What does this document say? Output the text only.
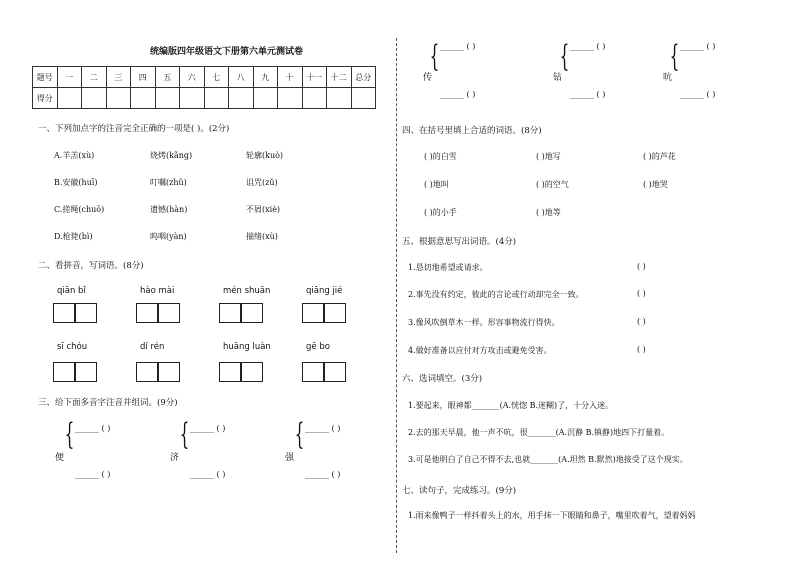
统编版四年级语文下册第六单元测试卷
题号	一	二	三	四	五	六	七	八	九	十	十一	十二	总分
得分													
一、下列加点字的注音完全正确的一项是( )。(2分)
A.羊羔(xù)	烧烤(kǎng)	轮廓(kuò)
B.安徽(huī)	叮嘱(zhǔ)	诅咒(zǔ)
C.搓绳(chuō)	遗憾(hàn)	不屑(xiè)
D.枪毙(bì)	呜咽(yàn)	揣绪(xù)
二、看拼音，写词语。(8分)
qiān bǐ	hào mài	mén shuān	qiāng jié
sī chóu	dí rén	huāng luàn	gē bo
三、给下面多音字注音并组词。(9分)
便
{ ______ ( )
______ ( )
济
{ ______ ( )
______ ( )
强
{ ______ ( )
______ ( )
传
{ ______ ( )
______ ( )
钻
{ ______ ( )
______ ( )
吭
{ ______ ( )
______ ( )
四、在括号里填上合适的词语。(8分)
( )的白雪	( )地写	( )的芦花
( )地叫	( )的空气	( )地哭
( )的小手	( )地等
五、根据意思写出词语。(4分)
1.恳切地希望或请求。	( )
2.事先没有约定，彼此的言论或行动却完全一致。	( )
3.像风吹倒草木一样。形容事物流行得快。	( )
4.做好准备以应付对方攻击或避免受害。	( )
六、选词填空。(3分)
1.要起来，眼神都_______(A.恍惚 B.迷糊)了，十分入迷。
2.去的那天早晨，他一声不吭，很_______(A.沉静 B.镇静)地四下打量着。
3.可是他明白了自己不得不去,也就_______(A.坦然 B.默然)地接受了这个现实。
七、读句子，完成练习。(9分)
1.雨来像鸭子一样抖着头上的水，用手抹一下眼睛和鼻子，嘴里吹着气，望着妈妈
